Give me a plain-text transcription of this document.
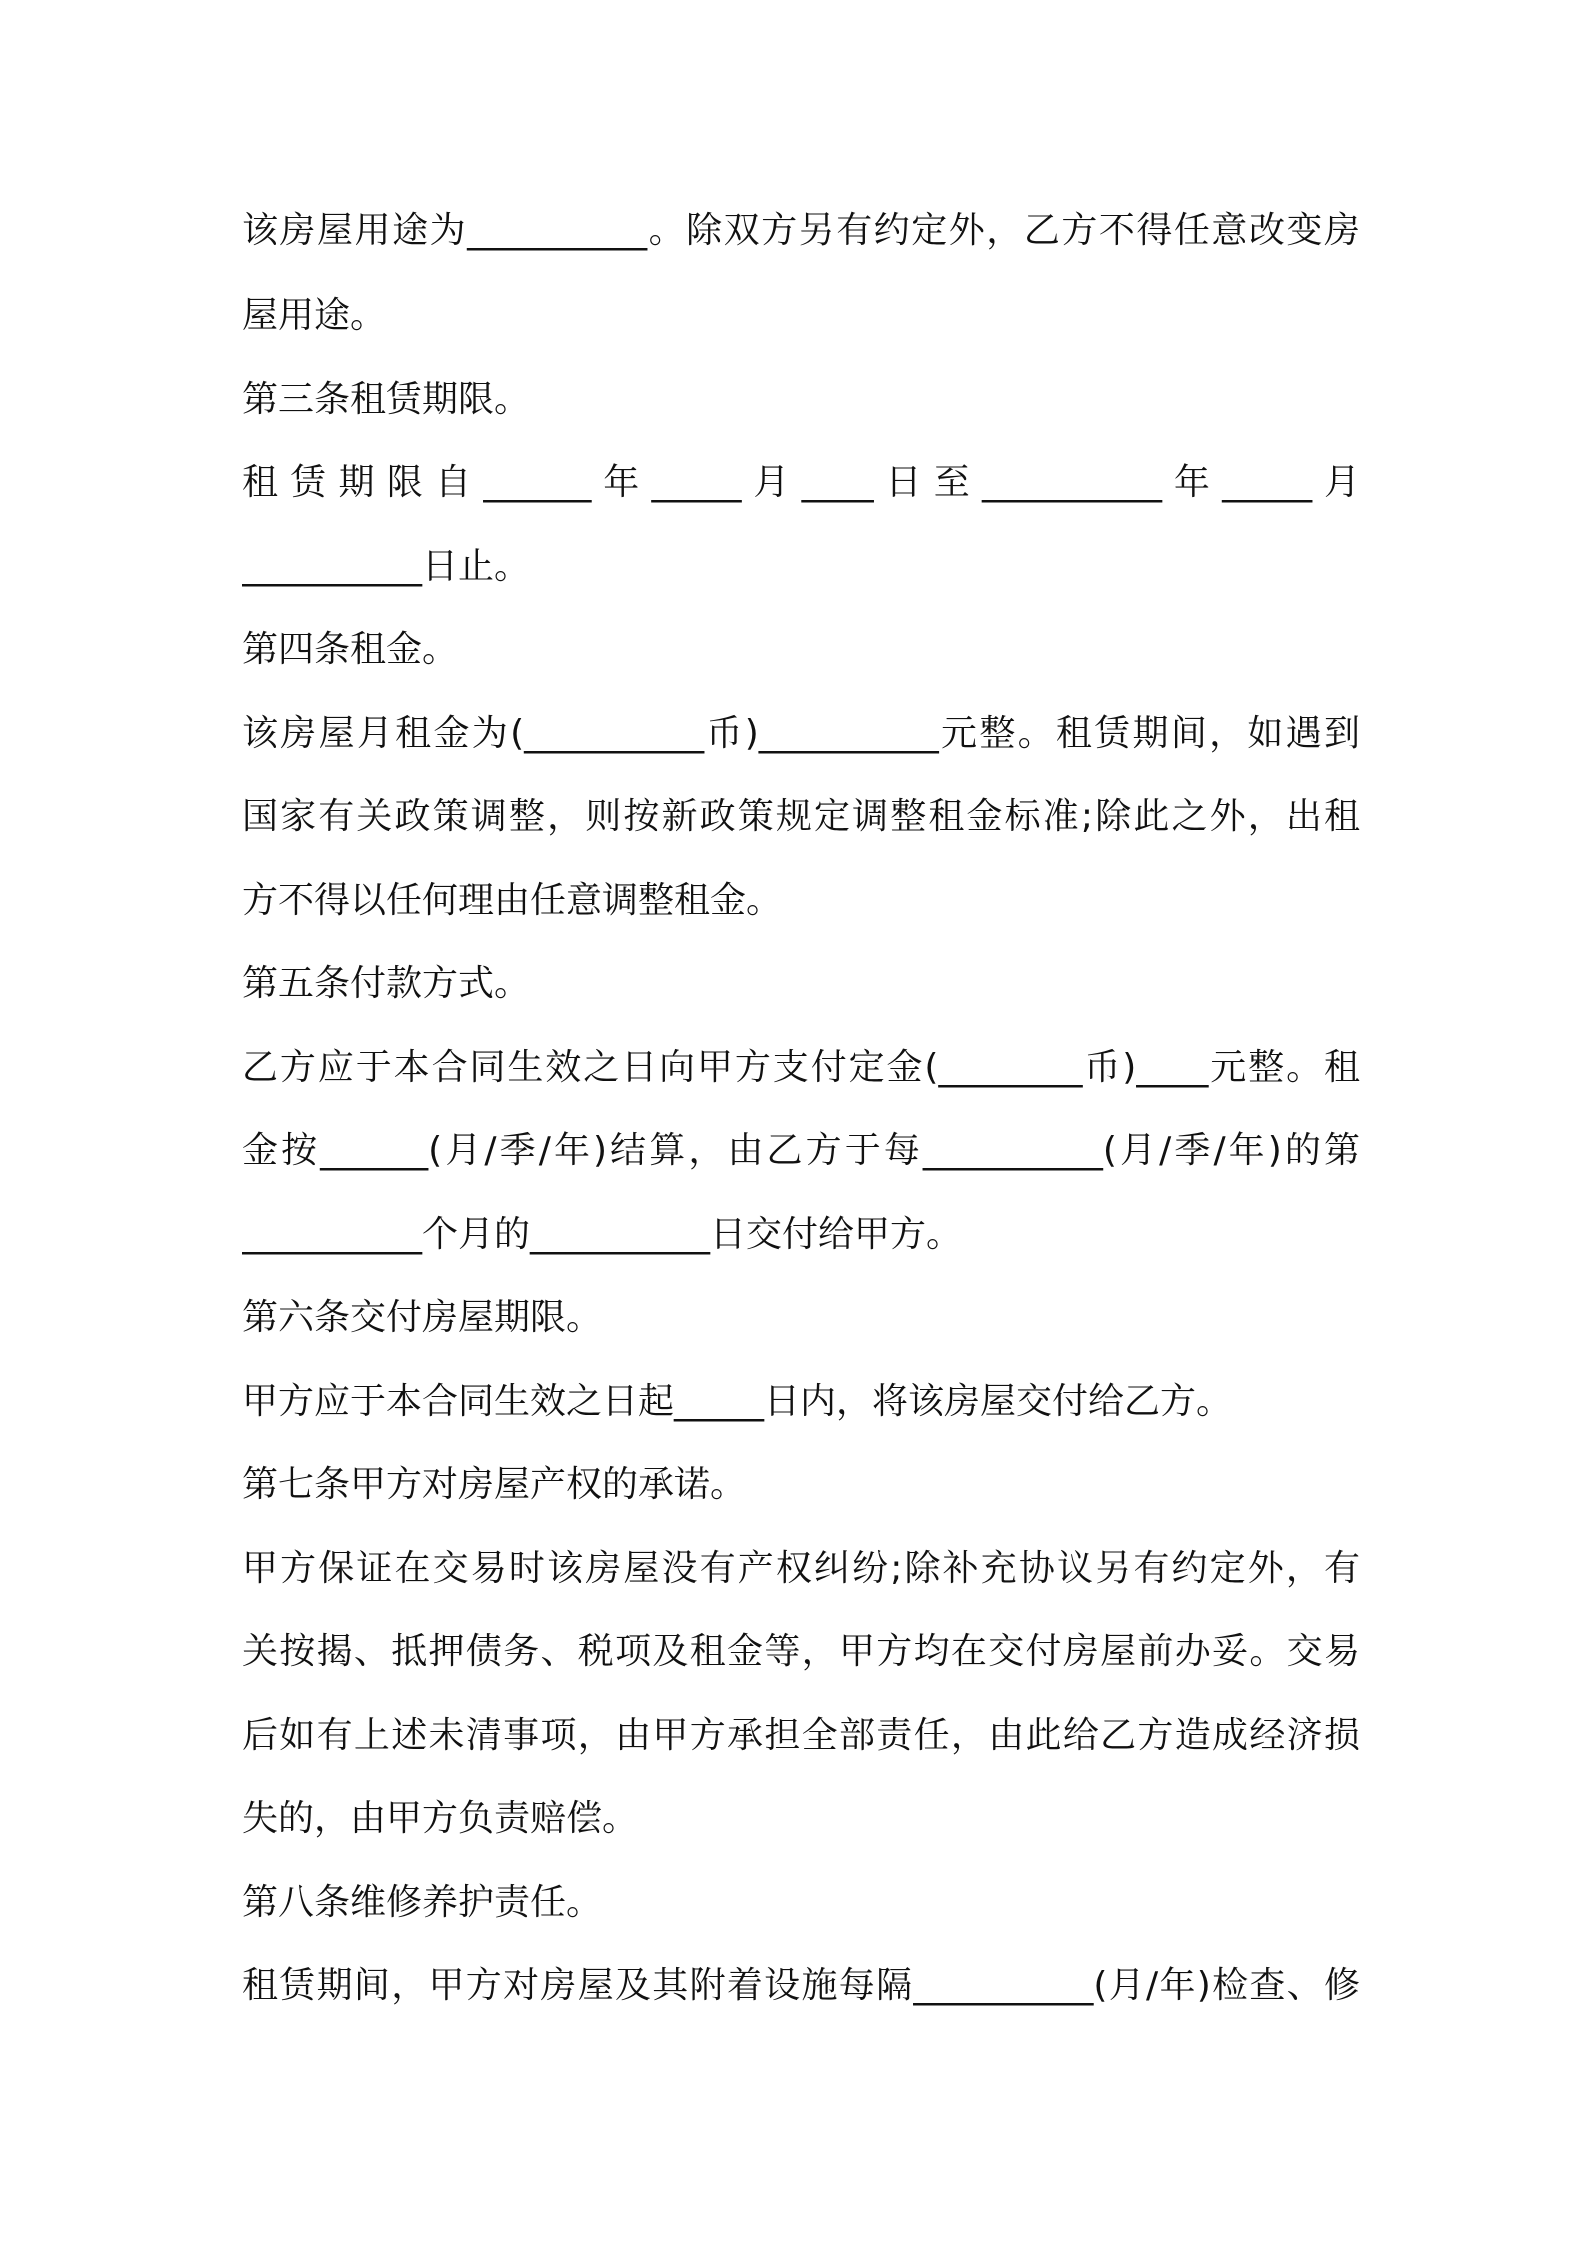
该房屋用途为__________。除双方另有约定外，乙方不得任意改变房
屋用途。
第三条租赁期限。
租 赁 期 限 自 ______ 年 _____ 月 ____ 日 至 __________ 年 _____ 月
__________日止。
第四条租金。
该房屋月租金为(__________币)__________元整。租赁期间，如遇到
国家有关政策调整，则按新政策规定调整租金标准;除此之外，出租
方不得以任何理由任意调整租金。
第五条付款方式。
乙方应于本合同生效之日向甲方支付定金(________币)____元整。租
金按______(月/季/年)结算，由乙方于每__________(月/季/年)的第
__________个月的__________日交付给甲方。
第六条交付房屋期限。
甲方应于本合同生效之日起_____日内，将该房屋交付给乙方。
第七条甲方对房屋产权的承诺。
甲方保证在交易时该房屋没有产权纠纷;除补充协议另有约定外，有
关按揭、抵押债务、税项及租金等，甲方均在交付房屋前办妥。交易
后如有上述未清事项，由甲方承担全部责任，由此给乙方造成经济损
失的，由甲方负责赔偿。
第八条维修养护责任。
租赁期间，甲方对房屋及其附着设施每隔__________(月/年)检查、修
